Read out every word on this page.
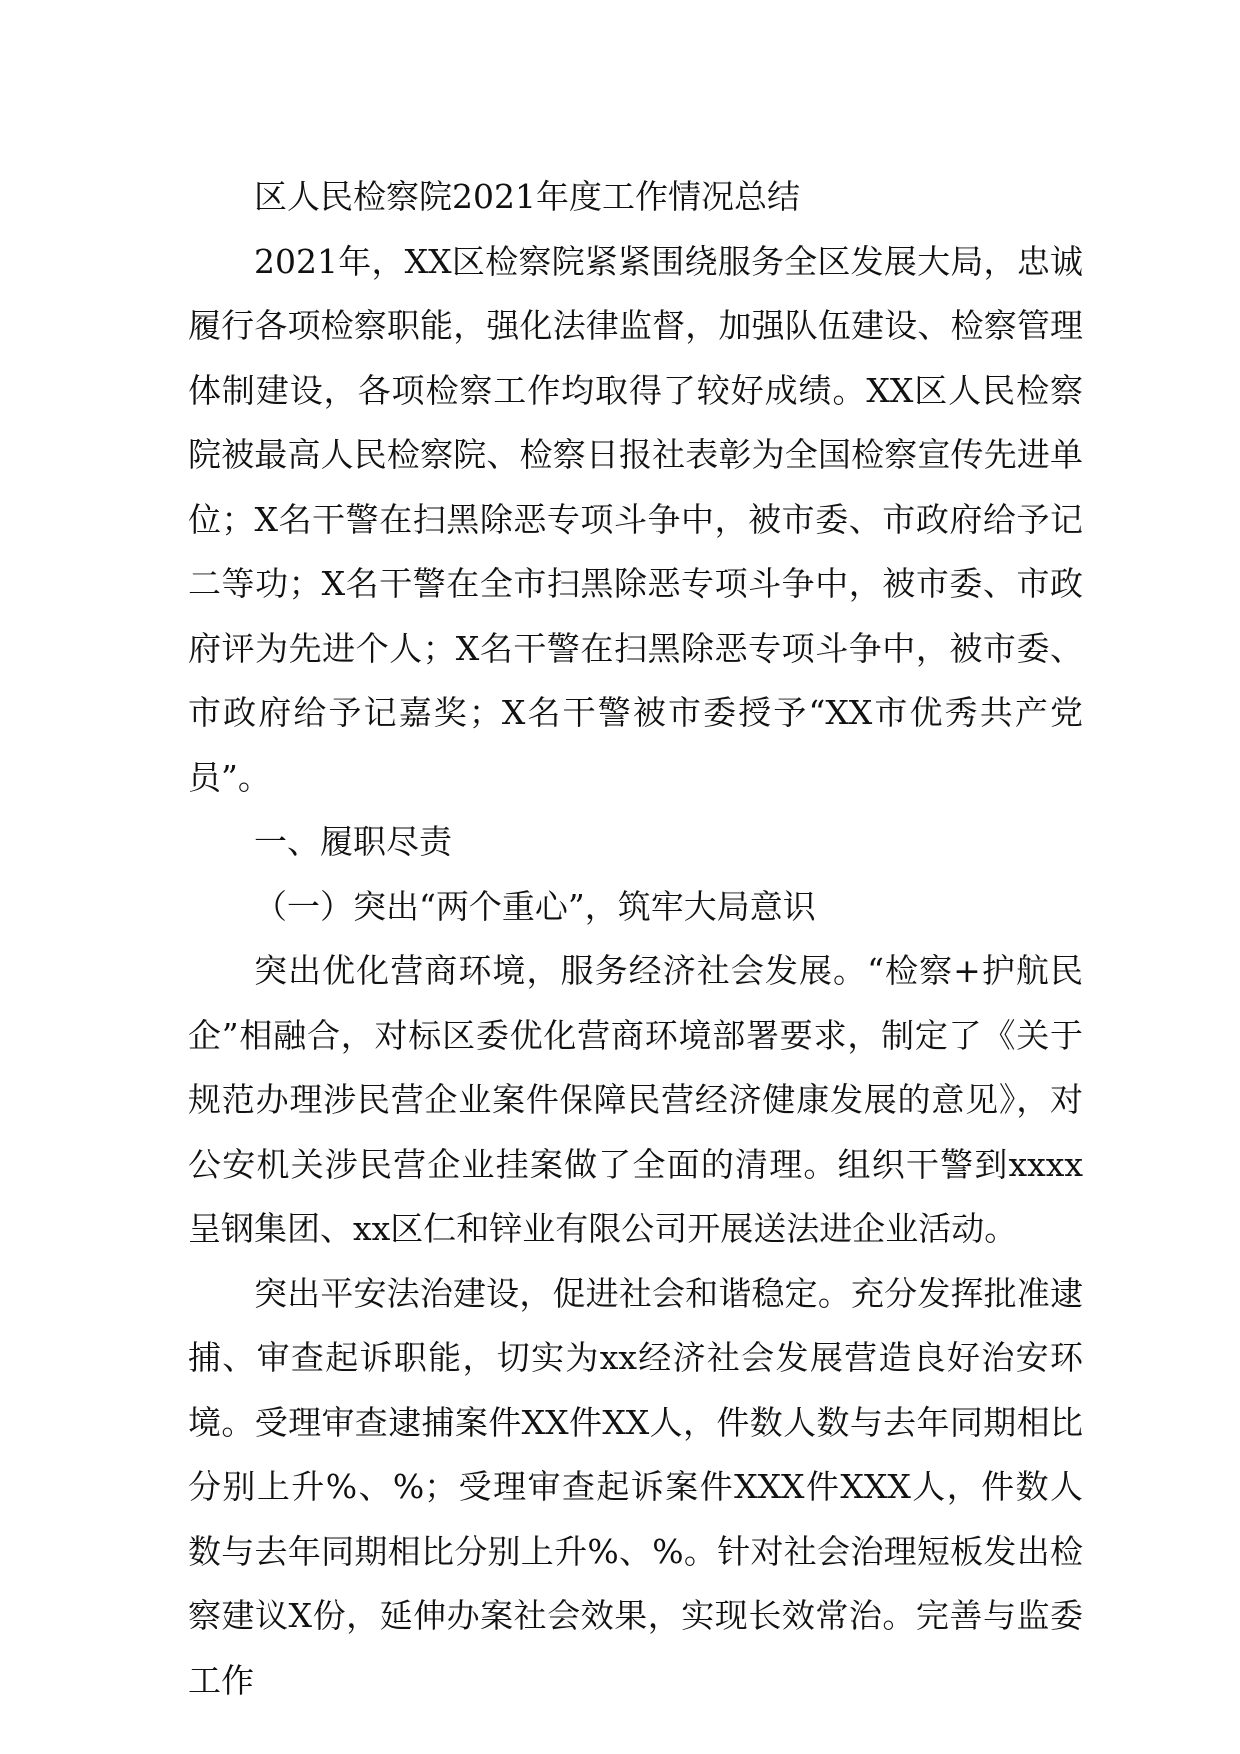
区人民检察院2021年度工作情况总结

2021年，XX区检察院紧紧围绕服务全区发展大局，忠诚履行各项检察职能，强化法律监督，加强队伍建设、检察管理体制建设，各项检察工作均取得了较好成绩。XX区人民检察院被最高人民检察院、检察日报社表彰为全国检察宣传先进单位；X名干警在扫黑除恶专项斗争中，被市委、市政府给予记二等功；X名干警在全市扫黑除恶专项斗争中，被市委、市政府评为先进个人；X名干警在扫黑除恶专项斗争中，被市委、市政府给予记嘉奖；X名干警被市委授予“XX市优秀共产党员”。

一、履职尽责

（一）突出“两个重心”，筑牢大局意识

突出优化营商环境，服务经济社会发展。“检察+护航民企”相融合，对标区委优化营商环境部署要求，制定了《关于规范办理涉民营企业案件保障民营经济健康发展的意见》，对公安机关涉民营企业挂案做了全面的清理。组织干警到xxxx呈钢集团、xx区仁和锌业有限公司开展送法进企业活动。

突出平安法治建设，促进社会和谐稳定。充分发挥批准逮捕、审查起诉职能，切实为xx经济社会发展营造良好治安环境。受理审查逮捕案件XX件XX人，件数人数与去年同期相比分别上升%、%；受理审查起诉案件XXX件XXX人，件数人数与去年同期相比分别上升%、%。针对社会治理短板发出检察建议X份，延伸办案社会效果，实现长效常治。完善与监委工作
